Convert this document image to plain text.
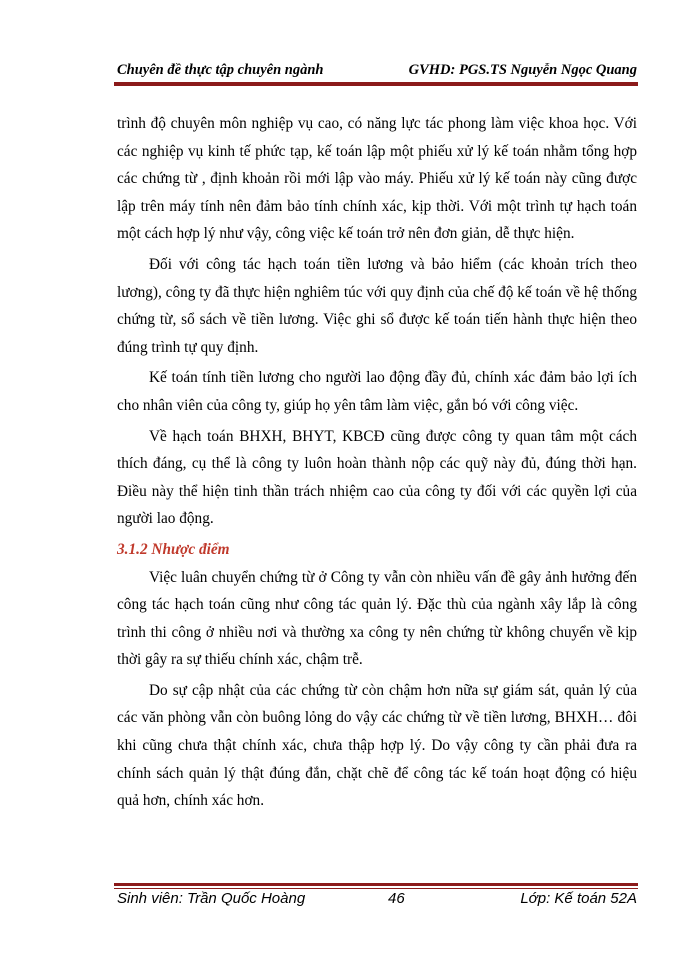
Chuyên đề thực tập chuyên ngành	GVHD: PGS.TS Nguyễn Ngọc Quang

trình độ chuyên môn nghiệp vụ cao, có năng lực tác phong làm việc khoa học. Với các nghiệp vụ kinh tế phức tạp, kế toán lập một phiếu xử lý kế toán nhằm tổng hợp các chứng từ , định khoản rồi mới lập vào máy. Phiếu xử lý kế toán này cũng được lập trên máy tính nên đảm bảo tính chính xác, kịp thời. Với một trình tự hạch toán một cách hợp lý như vậy, công việc kế toán trở nên đơn giản, dễ thực hiện.

Đối với công tác hạch toán tiền lương và bảo hiểm (các khoản trích theo lương), công ty đã thực hiện nghiêm túc với quy định của chế độ kế toán về hệ thống chứng từ, sổ sách về tiền lương. Việc ghi sổ được kế toán tiến hành thực hiện theo đúng trình tự quy định.

Kế toán tính tiền lương cho người lao động đầy đủ, chính xác đảm bảo lợi ích cho nhân viên của công ty, giúp họ yên tâm làm việc, gắn bó với công việc.

Về hạch toán BHXH, BHYT, KBCĐ cũng được công ty quan tâm một cách thích đáng, cụ thể là công ty luôn hoàn thành nộp các quỹ này đủ, đúng thời hạn. Điều này thể hiện tinh thần trách nhiệm cao của công ty đối với các quyền lợi của người lao động.

3.1.2 Nhược điểm

Việc luân chuyển chứng từ ở Công ty vẫn còn nhiều vấn đề gây ảnh hưởng đến công tác hạch toán cũng như công tác quản lý. Đặc thù của ngành xây lắp là công trình thi công ở nhiều nơi và thường xa công ty nên chứng từ không chuyển về kịp thời gây ra sự thiếu chính xác, chậm trễ.

Do sự cập nhật của các chứng từ còn chậm hơn nữa sự giám sát, quản lý của các văn phòng vẫn còn buông lỏng do vậy các chứng từ về tiền lương, BHXH… đôi khi cũng chưa thật chính xác, chưa thập hợp lý. Do vậy công ty cần phải đưa ra chính sách quản lý thật đúng đắn, chặt chẽ để công tác kế toán hoạt động có hiệu quả hơn, chính xác hơn.

Sinh viên: Trần Quốc Hoàng	46	Lớp: Kế toán 52A
